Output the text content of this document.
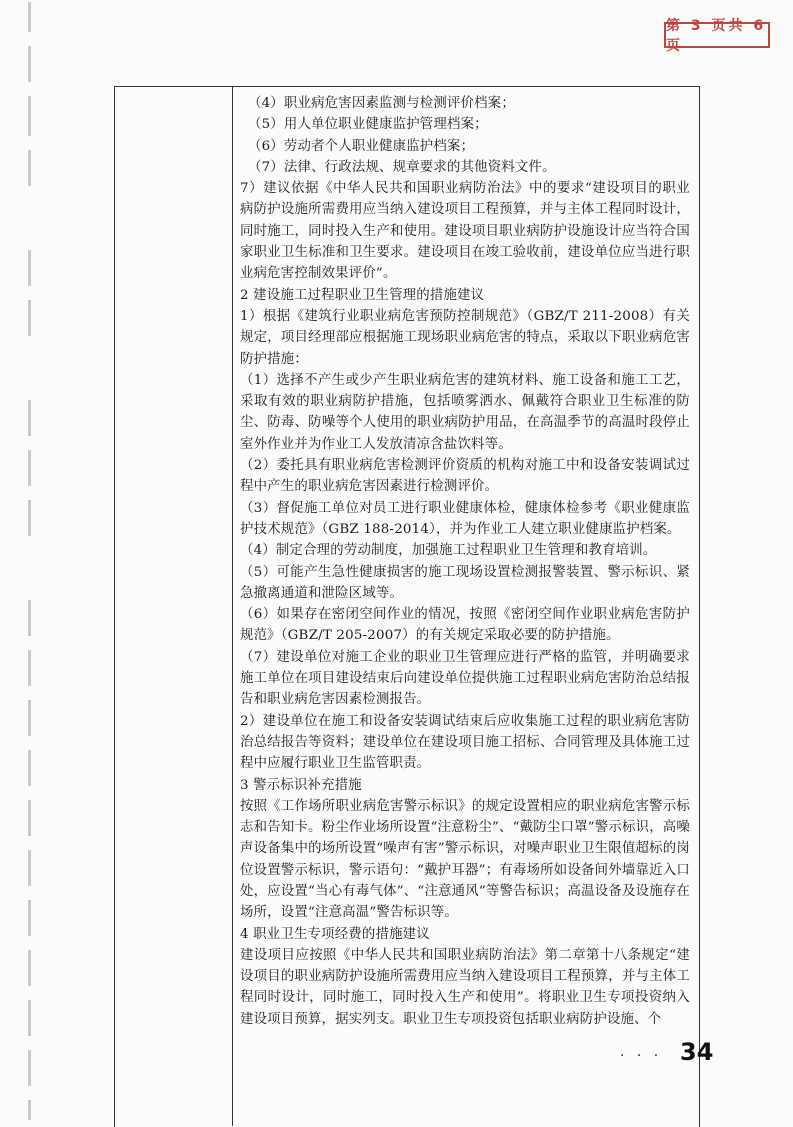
第 3 页共 6 页

（4）职业病危害因素监测与检测评价档案；

（5）用人单位职业健康监护管理档案；

（6）劳动者个人职业健康监护档案；

（7）法律、行政法规、规章要求的其他资料文件。

7）建议依据《中华人民共和国职业病防治法》中的要求“建设项目的职业病防护设施所需费用应当纳入建设项目工程预算，并与主体工程同时设计，同时施工，同时投入生产和使用。建设项目职业病防护设施设计应当符合国家职业卫生标准和卫生要求。建设项目在竣工验收前，建设单位应当进行职业病危害控制效果评价”。

2 建设施工过程职业卫生管理的措施建议

1）根据《建筑行业职业病危害预防控制规范》（GBZ/T 211-2008）有关规定，项目经理部应根据施工现场职业病危害的特点，采取以下职业病危害防护措施：

（1）选择不产生或少产生职业病危害的建筑材料、施工设备和施工工艺，采取有效的职业病防护措施，包括喷雾洒水、佩戴符合职业卫生标准的防尘、防毒、防噪等个人使用的职业病防护用品，在高温季节的高温时段停止室外作业并为作业工人发放清凉含盐饮料等。

（2）委托具有职业病危害检测评价资质的机构对施工中和设备安装调试过程中产生的职业病危害因素进行检测评价。

（3）督促施工单位对员工进行职业健康体检，健康体检参考《职业健康监护技术规范》（GBZ 188-2014），并为作业工人建立职业健康监护档案。

（4）制定合理的劳动制度，加强施工过程职业卫生管理和教育培训。

（5）可能产生急性健康损害的施工现场设置检测报警装置、警示标识、紧急撤离通道和泄险区域等。

（6）如果存在密闭空间作业的情况，按照《密闭空间作业职业病危害防护规范》（GBZ/T 205-2007）的有关规定采取必要的防护措施。

（7）建设单位对施工企业的职业卫生管理应进行严格的监管，并明确要求施工单位在项目建设结束后向建设单位提供施工过程职业病危害防治总结报告和职业病危害因素检测报告。

2）建设单位在施工和设备安装调试结束后应收集施工过程的职业病危害防治总结报告等资料；建设单位在建设项目施工招标、合同管理及具体施工过程中应履行职业卫生监管职责。

3 警示标识补充措施

按照《工作场所职业病危害警示标识》的规定设置相应的职业病危害警示标志和告知卡。粉尘作业场所设置“注意粉尘”、“戴防尘口罩”警示标识，高噪声设备集中的场所设置“噪声有害”警示标识，对噪声职业卫生限值超标的岗位设置警示标识，警示语句：“戴护耳器”；有毒场所如设备间外墙靠近入口处，应设置“当心有毒气体”、“注意通风”等警告标识；高温设备及设施存在场所，设置“注意高温”警告标识等。

4 职业卫生专项经费的措施建议

建设项目应按照《中华人民共和国职业病防治法》第二章第十八条规定“建设项目的职业病防护设施所需费用应当纳入建设项目工程预算，并与主体工程同时设计，同时施工，同时投入生产和使用”。将职业卫生专项投资纳入建设项目预算，据实列支。职业卫生专项投资包括职业病防护设施、个

· · · 34
